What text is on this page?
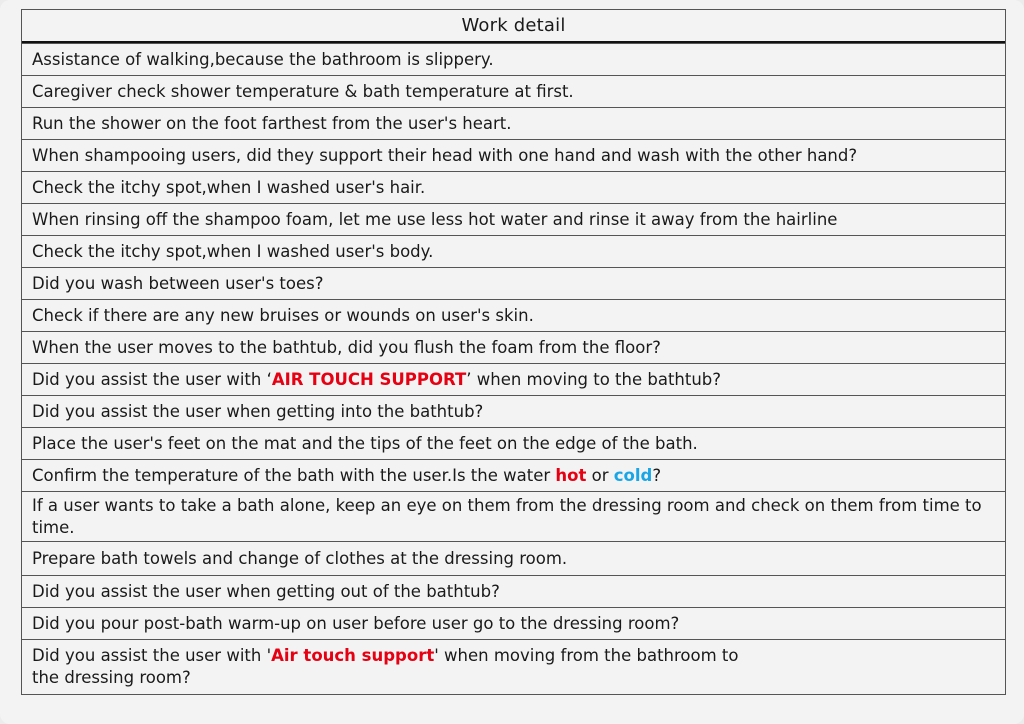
Work detail
Assistance of walking,because the bathroom is slippery.
Caregiver check shower temperature & bath temperature at first.
Run the shower on the foot farthest from the user's heart.
When shampooing users, did they support their head with one hand and wash with the other hand?
Check the itchy spot,when I washed user's hair.
When rinsing off the shampoo foam, let me use less hot water and rinse it away from the hairline
Check the itchy spot,when I washed user's body.
Did you wash between user's toes?
Check if there are any new bruises or wounds on user's skin.
When the user moves to the bathtub, did you flush the foam from the floor?
Did you assist the user with ‘AIR TOUCH SUPPORT’ when moving to the bathtub?
Did you assist the user when getting into the bathtub?
Place the user's feet on the mat and the tips of the feet on the edge of the bath.
Confirm the temperature of the bath with the user.Is the water hot or cold?
If a user wants to take a bath alone, keep an eye on them from the dressing room and check on them from time to time.
Prepare bath towels and change of clothes at the dressing room.
Did you assist the user when getting out of the bathtub?
Did you pour post-bath warm-up on user before user go to the dressing room?
Did you assist the user with 'Air touch support' when moving from the bathroom to
the dressing room?
